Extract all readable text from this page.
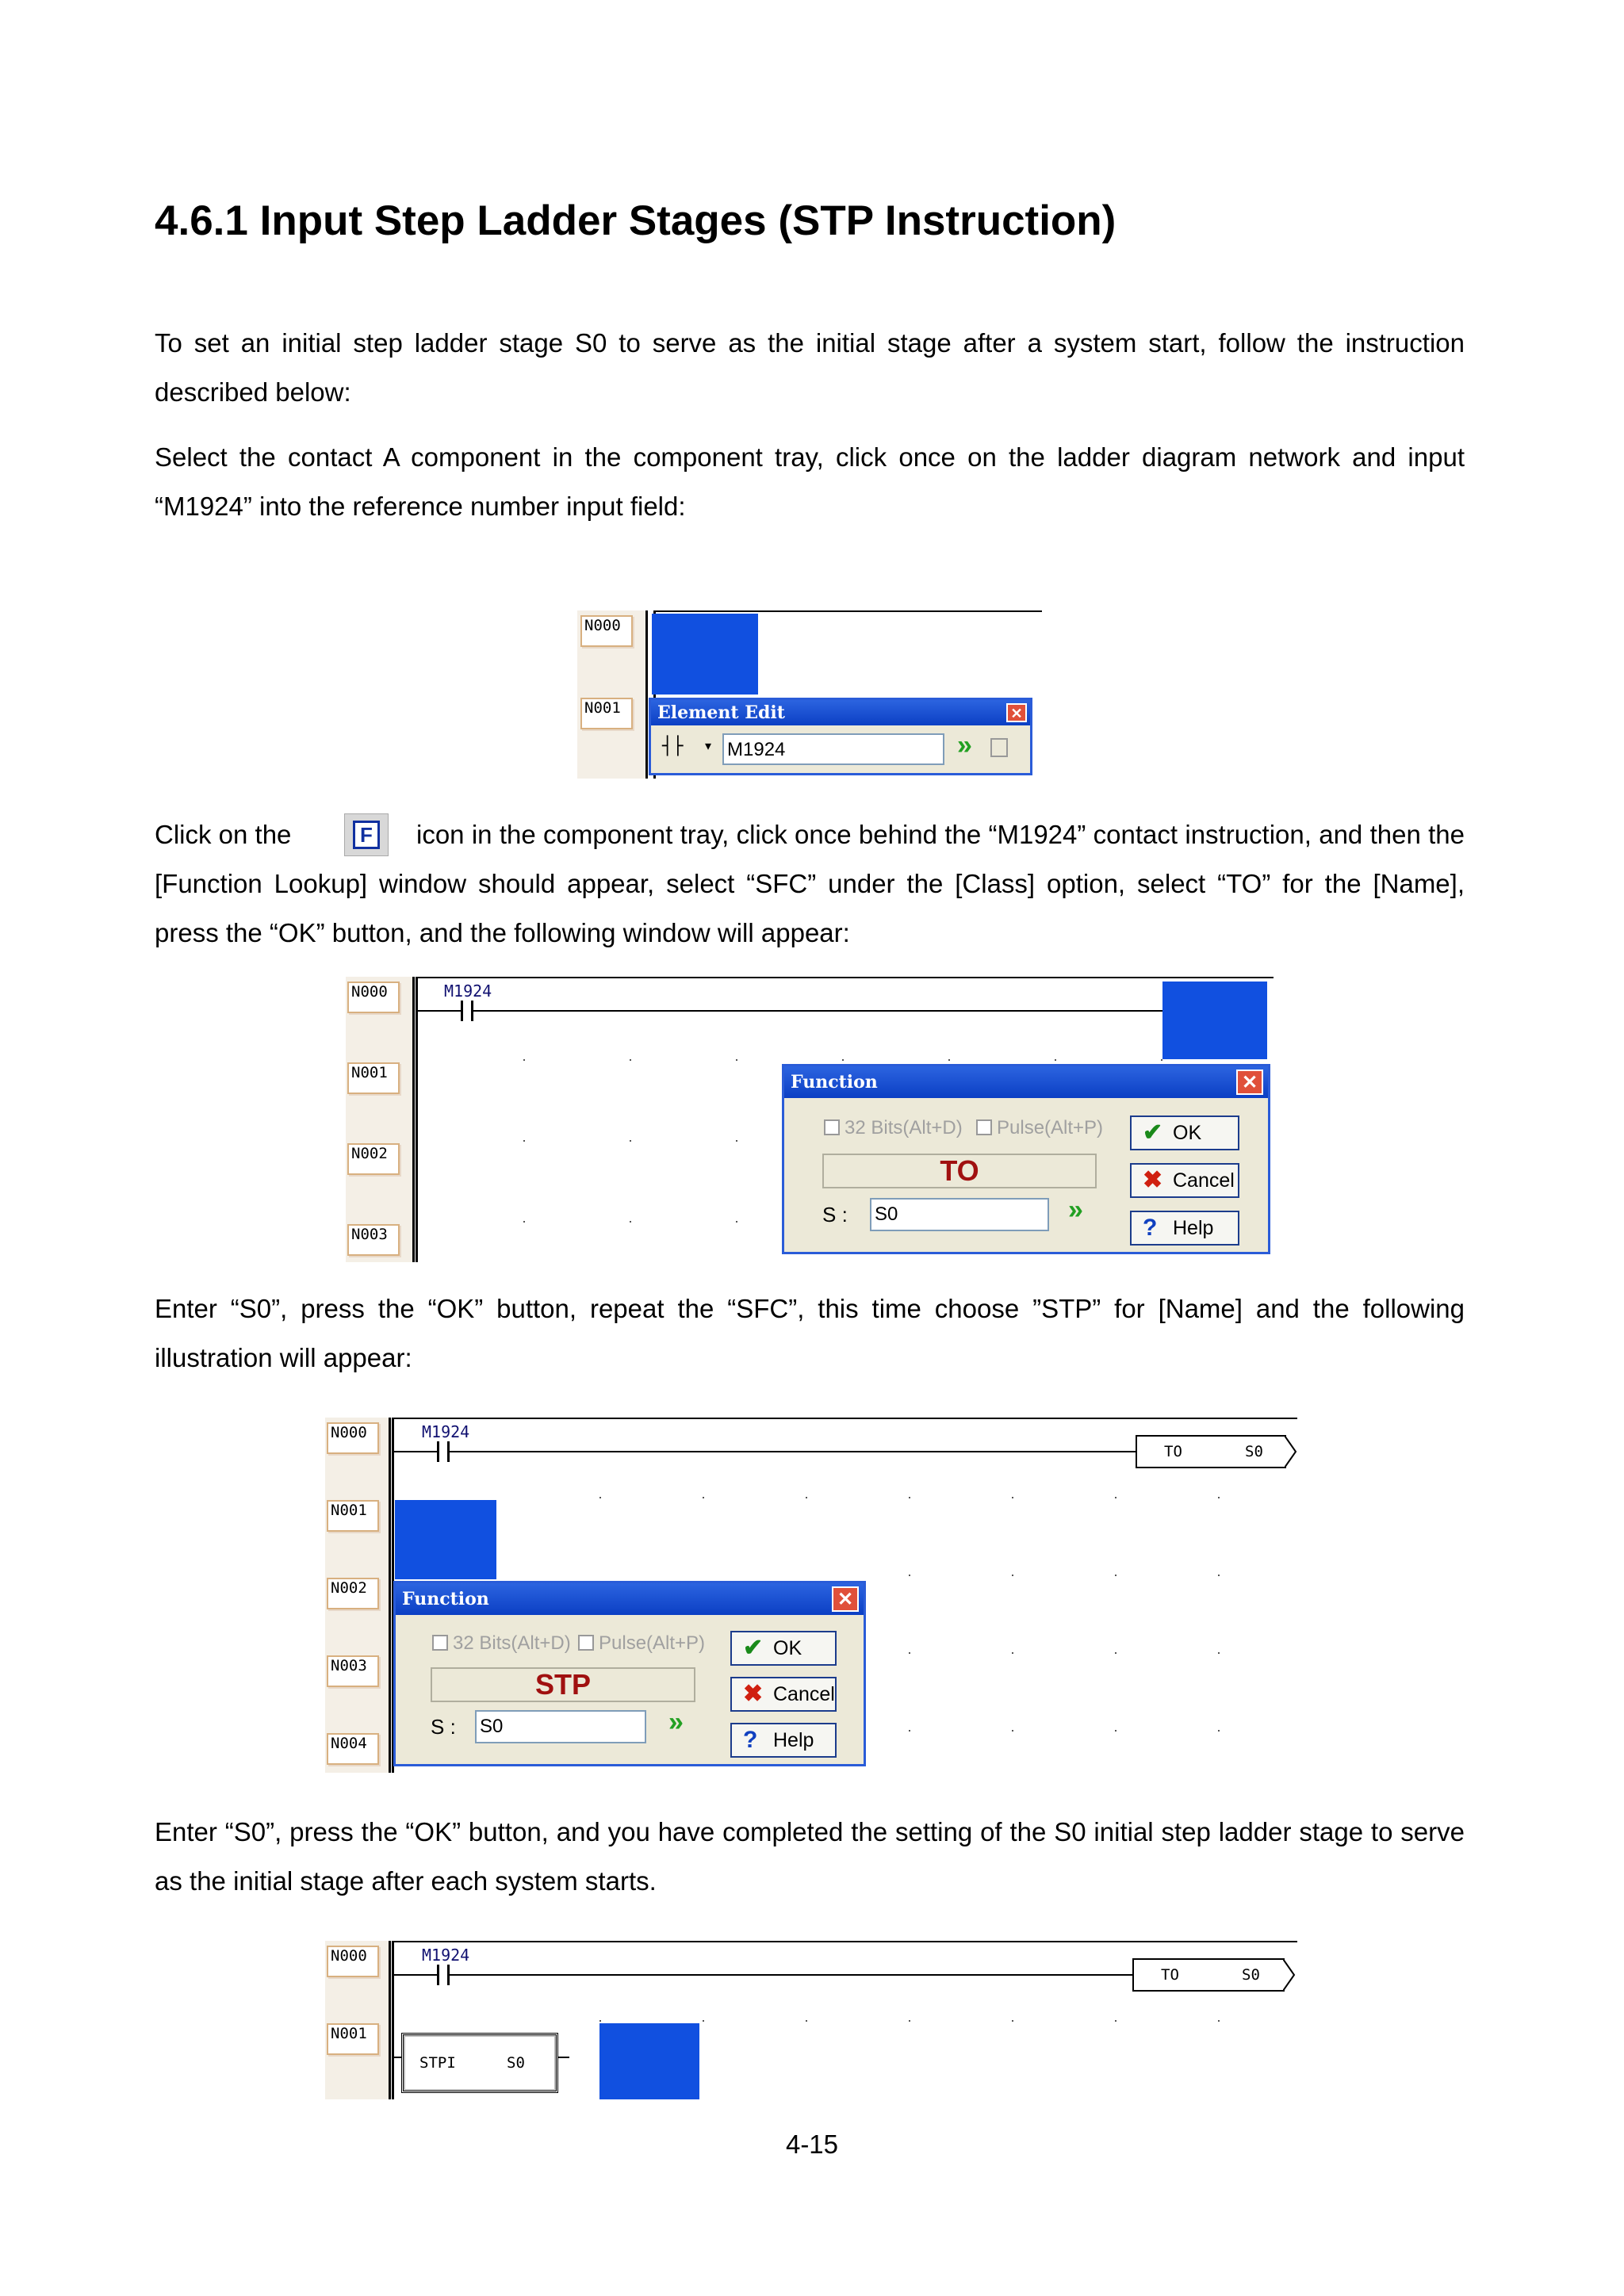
4.6.1 Input Step Ladder Stages (STP Instruction)

To set an initial step ladder stage S0 to serve as the initial stage after a system start, follow the instruction described below:

Select the contact A component in the component tray, click once on the ladder diagram network and input “M1924” into the reference number input field:

N000
N001	Element Edit	✕
┤├ ▾ M1924	»
Click on the	F	icon in the component tray, click once behind the “M1924” contact instruction, and then the [Function Lookup] window should appear, select “SFC” under the [Class] option, select “TO” for the [Name], press the “OK” button, and the following window will appear:

N000
N001
N002
N003
M1924
Function	✕
32 Bits(Alt+D)	Pulse(Alt+P)
TO
S : S0	»
✔ OK
✖ Cancel
? Help

Enter “S0”, press the “OK” button, repeat the “SFC”, this time choose ”STP” for [Name] and the following illustration will appear:

N000
N001
N002
N003
N004
M1924
TO	S0
Function	✕
32 Bits(Alt+D)	Pulse(Alt+P)
STP
S : S0	»
✔ OK
✖ Cancel
? Help

Enter “S0”, press the “OK” button, and you have completed the setting of the S0 initial step ladder stage to serve as the initial stage after each system starts.

N000
N001
M1924
TO	S0
STPI	S0
4-15
